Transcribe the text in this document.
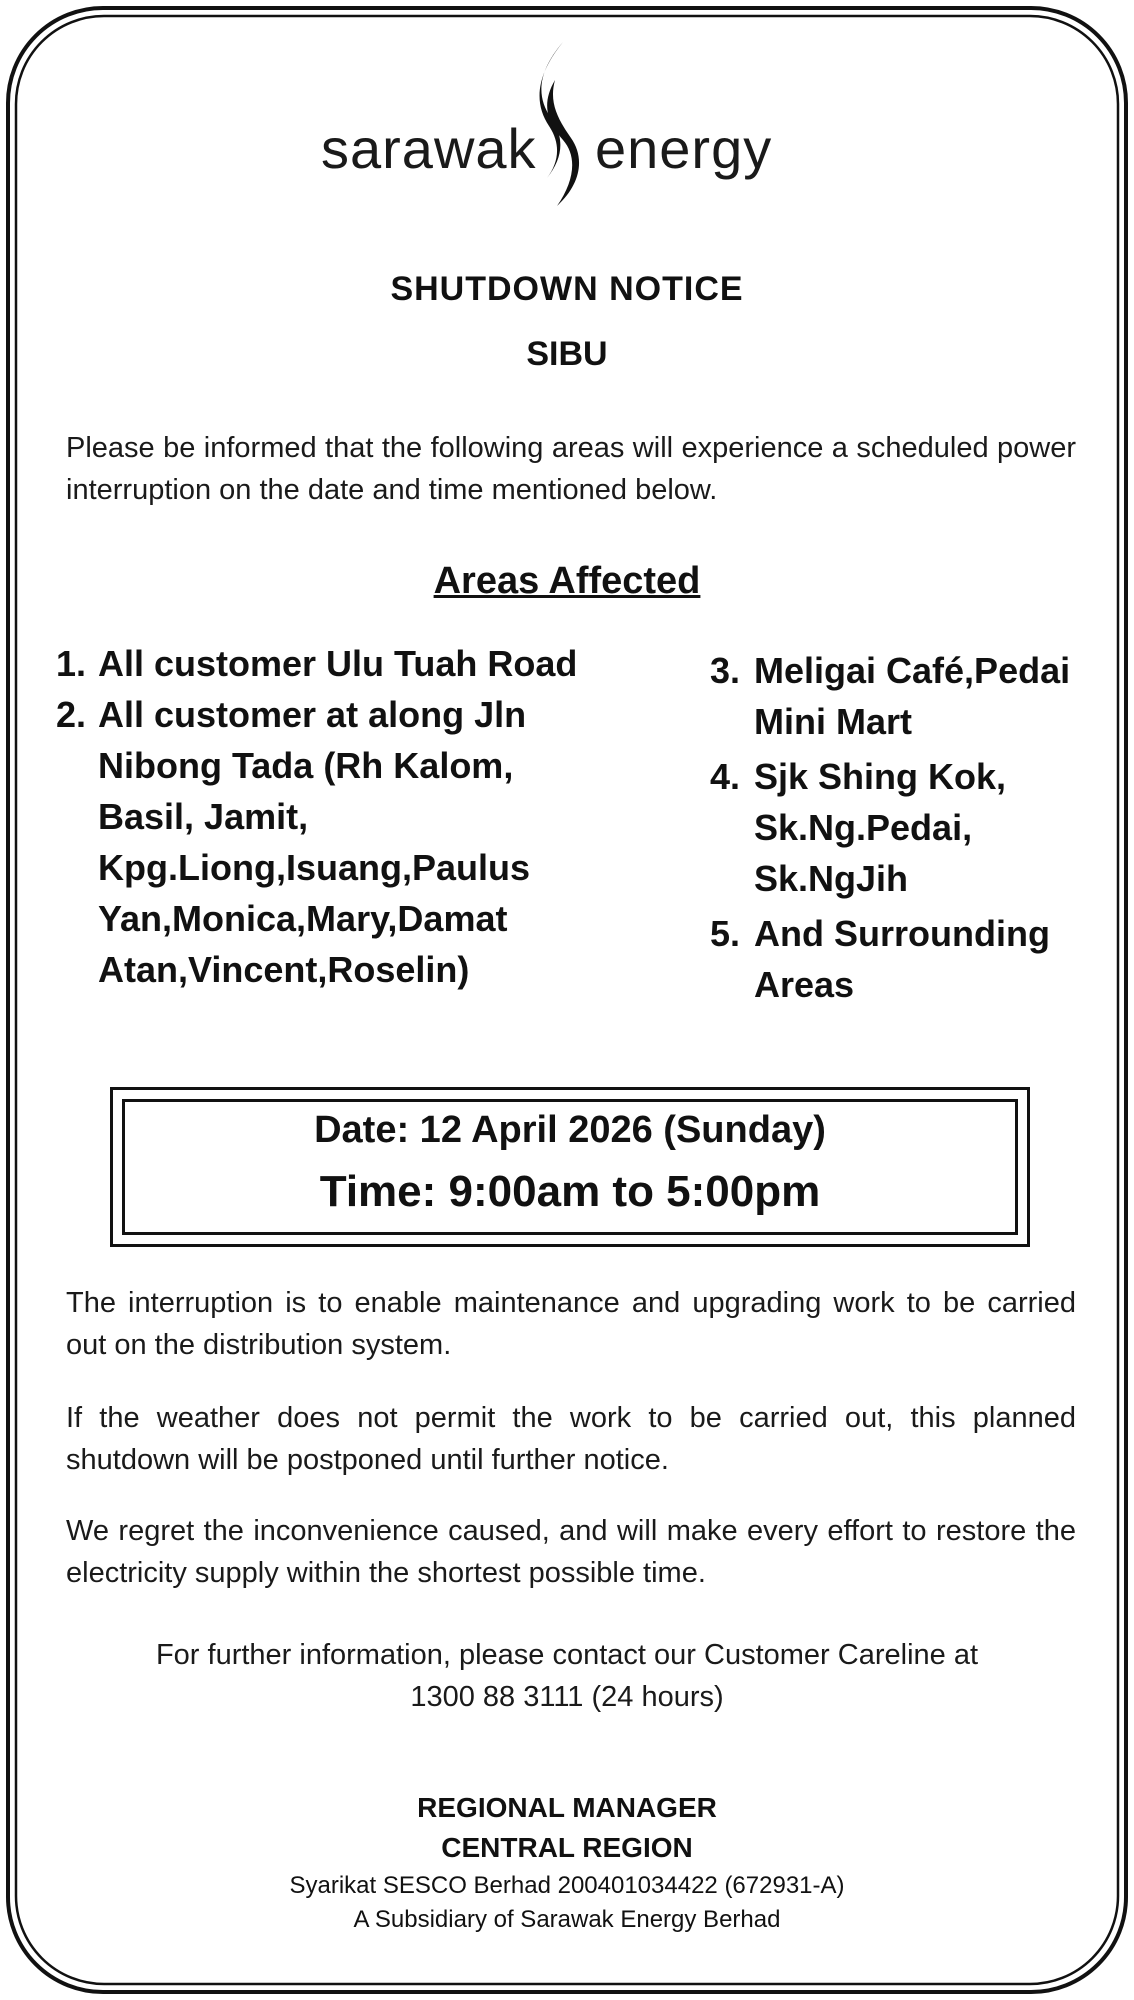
sarawak energy
SHUTDOWN NOTICE
SIBU
Please be informed that the following areas will experience a scheduled power interruption on the date and time mentioned below.
Areas Affected
1. All customer Ulu Tuah Road
2. All customer at along Jln Nibong Tada (Rh Kalom, Basil, Jamit, Kpg.Liong,Isuang,Paulus Yan,Monica,Mary,Damat Atan,Vincent,Roselin)
3. Meligai Café,Pedai Mini Mart
4. Sjk Shing Kok, Sk.Ng.Pedai, Sk.NgJih
5. And Surrounding Areas
Date: 12 April 2026 (Sunday)
Time: 9:00am to 5:00pm
The interruption is to enable maintenance and upgrading work to be carried out on the distribution system.
If the weather does not permit the work to be carried out, this planned shutdown will be postponed until further notice.
We regret the inconvenience caused, and will make every effort to restore the electricity supply within the shortest possible time.
For further information, please contact our Customer Careline at
1300 88 3111 (24 hours)
REGIONAL MANAGER
CENTRAL REGION
Syarikat SESCO Berhad 200401034422 (672931-A)
A Subsidiary of Sarawak Energy Berhad
